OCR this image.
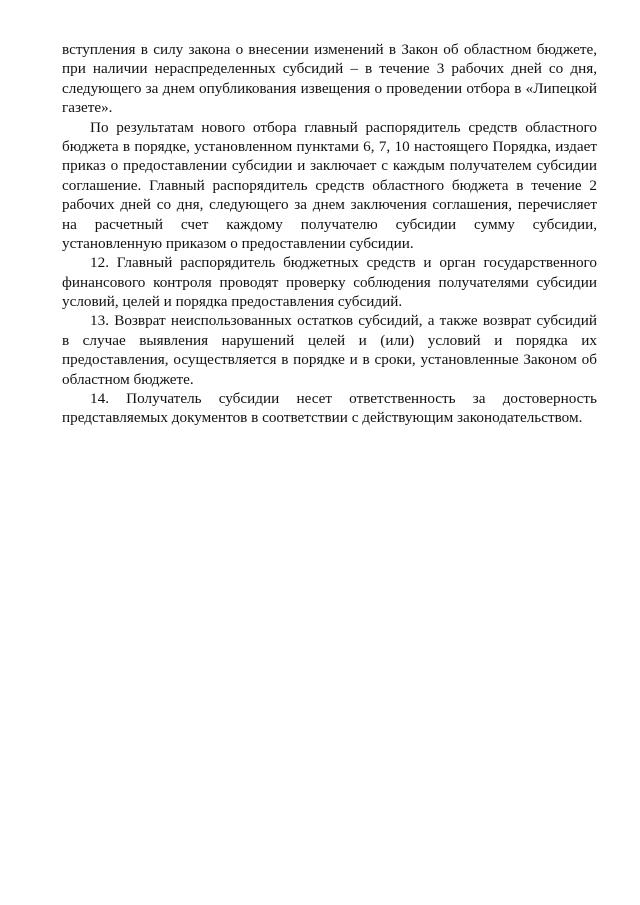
вступления в силу закона о внесении изменений в Закон об областном бюджете,
при наличии нераспределенных субсидий – в течение 3 рабочих дней со дня,
следующего за днем опубликования извещения о проведении отбора в «Липецкой
газете».
По результатам нового отбора главный распорядитель средств областного
бюджета в порядке, установленном пунктами 6, 7, 10 настоящего Порядка, издает
приказ о предоставлении субсидии и заключает с каждым получателем субсидии
соглашение. Главный распорядитель средств областного бюджета в течение 2
рабочих дней со дня, следующего за днем заключения соглашения, перечисляет
на расчетный счет каждому получателю субсидии сумму субсидии,
установленную приказом о предоставлении субсидии.
12. Главный распорядитель бюджетных средств и орган государственного
финансового контроля проводят проверку соблюдения получателями субсидии
условий, целей и порядка предоставления субсидий.
13. Возврат неиспользованных остатков субсидий, а также возврат субсидий
в случае выявления нарушений целей и (или) условий и порядка их
предоставления, осуществляется в порядке и в сроки, установленные Законом об
областном бюджете.
14. Получатель субсидии несет ответственность за достоверность
представляемых документов в соответствии с действующим законодательством.
